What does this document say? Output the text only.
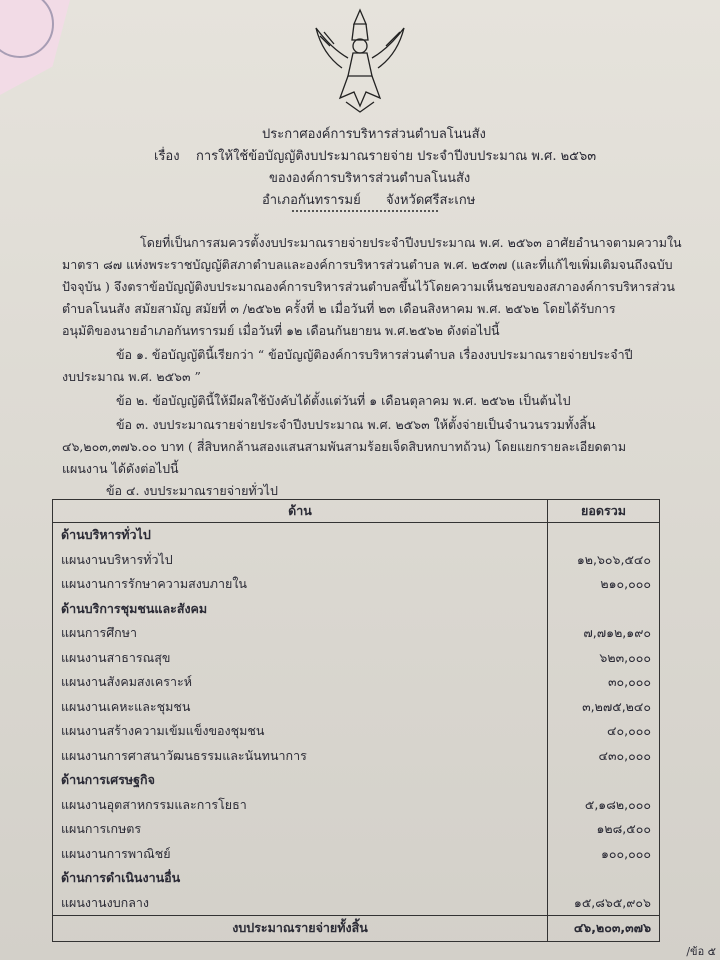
ประกาศองค์การบริหารส่วนตำบลโนนสัง
เรื่อง การให้ใช้ข้อบัญญัติงบประมาณรายจ่าย ประจำปีงบประมาณ พ.ศ. ๒๕๖๓
ขององค์การบริหารส่วนตำบลโนนสัง
อำเภอกันทรารมย์ จังหวัดศรีสะเกษ
โดยที่เป็นการสมควรตั้งงบประมาณรายจ่ายประจำปีงบประมาณ พ.ศ. ๒๕๖๓ อาศัยอำนาจตามความใน
มาตรา ๘๗ แห่งพระราชบัญญัติสภาตำบลและองค์การบริหารส่วนตำบล พ.ศ. ๒๕๓๗ (และที่แก้ไขเพิ่มเติมจนถึงฉบับ
ปัจจุบัน ) จึงตราข้อบัญญัติงบประมาณองค์การบริหารส่วนตำบลขึ้นไว้โดยความเห็นชอบของสภาองค์การบริหารส่วน
ตำบลโนนสัง สมัยสามัญ สมัยที่ ๓ /๒๕๖๒ ครั้งที่ ๒ เมื่อวันที่ ๒๓ เดือนสิงหาคม พ.ศ. ๒๕๖๒ โดยได้รับการ
อนุมัติของนายอำเภอกันทรารมย์ เมื่อวันที่ ๑๒ เดือนกันยายน พ.ศ.๒๕๖๒ ดังต่อไปนี้
ข้อ ๑. ข้อบัญญัตินี้เรียกว่า “ ข้อบัญญัติองค์การบริหารส่วนตำบล เรื่องงบประมาณรายจ่ายประจำปี
งบประมาณ พ.ศ. ๒๕๖๓ ”
ข้อ ๒. ข้อบัญญัตินี้ให้มีผลใช้บังคับได้ตั้งแต่วันที่ ๑ เดือนตุลาคม พ.ศ. ๒๕๖๒ เป็นต้นไป
ข้อ ๓. งบประมาณรายจ่ายประจำปีงบประมาณ พ.ศ. ๒๕๖๓ ให้ตั้งจ่ายเป็นจำนวนรวมทั้งสิ้น
๔๖,๒๐๓,๓๗๖.๐๐ บาท ( สี่สิบหกล้านสองแสนสามพันสามร้อยเจ็ดสิบหกบาทถ้วน) โดยแยกรายละเอียดตาม
แผนงาน ได้ดังต่อไปนี้
ข้อ ๔. งบประมาณรายจ่ายทั่วไป
ด้าน	ยอดรวม
ด้านบริหารทั่วไป	
แผนงานบริหารทั่วไป	๑๒,๖๐๖,๕๔๐
แผนงานการรักษาความสงบภายใน	๒๑๐,๐๐๐
ด้านบริการชุมชนและสังคม	
แผนการศึกษา	๗,๗๑๒,๑๙๐
แผนงานสาธารณสุข	๖๒๓,๐๐๐
แผนงานสังคมสงเคราะห์	๓๐,๐๐๐
แผนงานเคหะและชุมชน	๓,๒๗๕,๒๔๐
แผนงานสร้างความเข้มแข็งของชุมชน	๔๐,๐๐๐
แผนงานการศาสนาวัฒนธรรมและนันทนาการ	๔๓๐,๐๐๐
ด้านการเศรษฐกิจ	
แผนงานอุตสาหกรรมและการโยธา	๕,๑๘๒,๐๐๐
แผนการเกษตร	๑๒๘,๕๐๐
แผนงานการพาณิชย์	๑๐๐,๐๐๐
ด้านการดำเนินงานอื่น	
แผนงานงบกลาง	๑๕,๘๖๕,๙๐๖
งบประมาณรายจ่ายทั้งสิ้น	๔๖,๒๐๓,๓๗๖
/ข้อ ๕
